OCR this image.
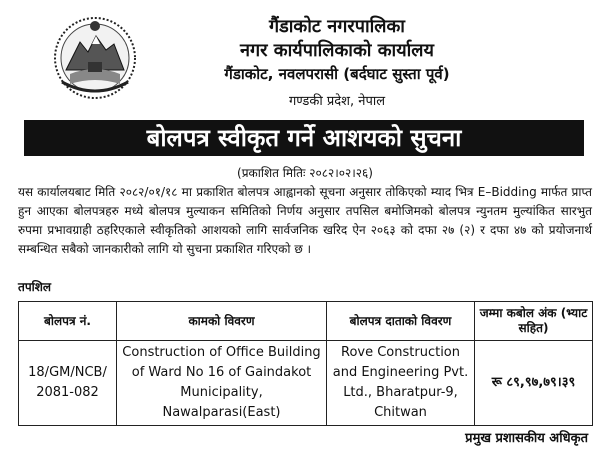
गैंडाकोट नगरपालिका
नगर कार्यपालिकाको कार्यालय
गैंडाकोट, नवलपरासी (बर्दघाट सुस्ता पूर्व)
गण्डकी प्रदेश, नेपाल
बोलपत्र स्वीकृत गर्ने आशयको सुचना
(प्रकाशित मितिः २०८२।०२।२६)
यस कार्यालयबाट मिति २०८२/०१/१८ मा प्रकाशित बोलपत्र आह्वानको सूचना अनुसार तोकिएको म्याद भित्र E–Bidding मार्फत प्राप्त हुन आएका बोलपत्रहरु मध्ये बोलपत्र मुल्याकन समितिको निर्णय अनुसार तपसिल बमोजिमको बोलपत्र न्युनतम मुल्यांकित सारभुत रुपमा प्रभावग्राही ठहरिएकाले स्वीकृतिको आशयको लागि सार्वजनिक खरिद ऐन २०६३ को दफा २७ (२) र दफा ४७ को प्रयोजनार्थ सम्बन्धित सबैको जानकारीको लागि यो सुचना प्रकाशित गरिएको छ ।
तपशिल
बोलपत्र नं.	कामको विवरण	बोलपत्र दाताको विवरण	जम्मा कबोल अंक (भ्याट सहित)
18/GM/NCB/ 2081-082	Construction of Office Building of Ward No 16 of Gaindakot Municipality, Nawalparasi(East)	Rove Construction and Engineering Pvt. Ltd., Bharatpur-9, Chitwan	रू ८९,९७,७९।३९
प्रमुख प्रशासकीय अधिकृत
